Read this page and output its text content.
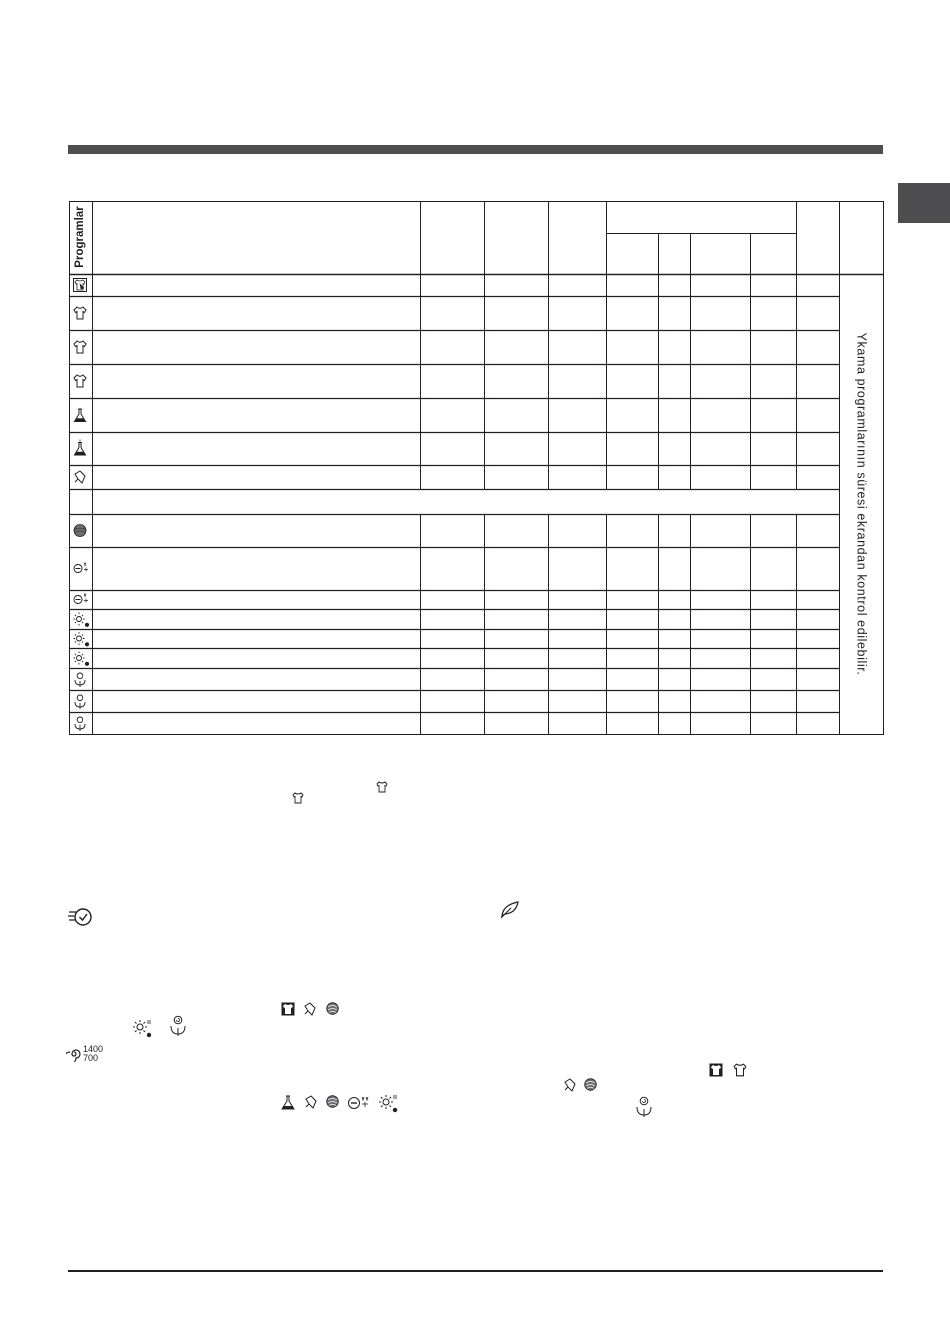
Programlar
Ykama programlarının süresi ekrandan kontrol edilebilir.
1400
700
